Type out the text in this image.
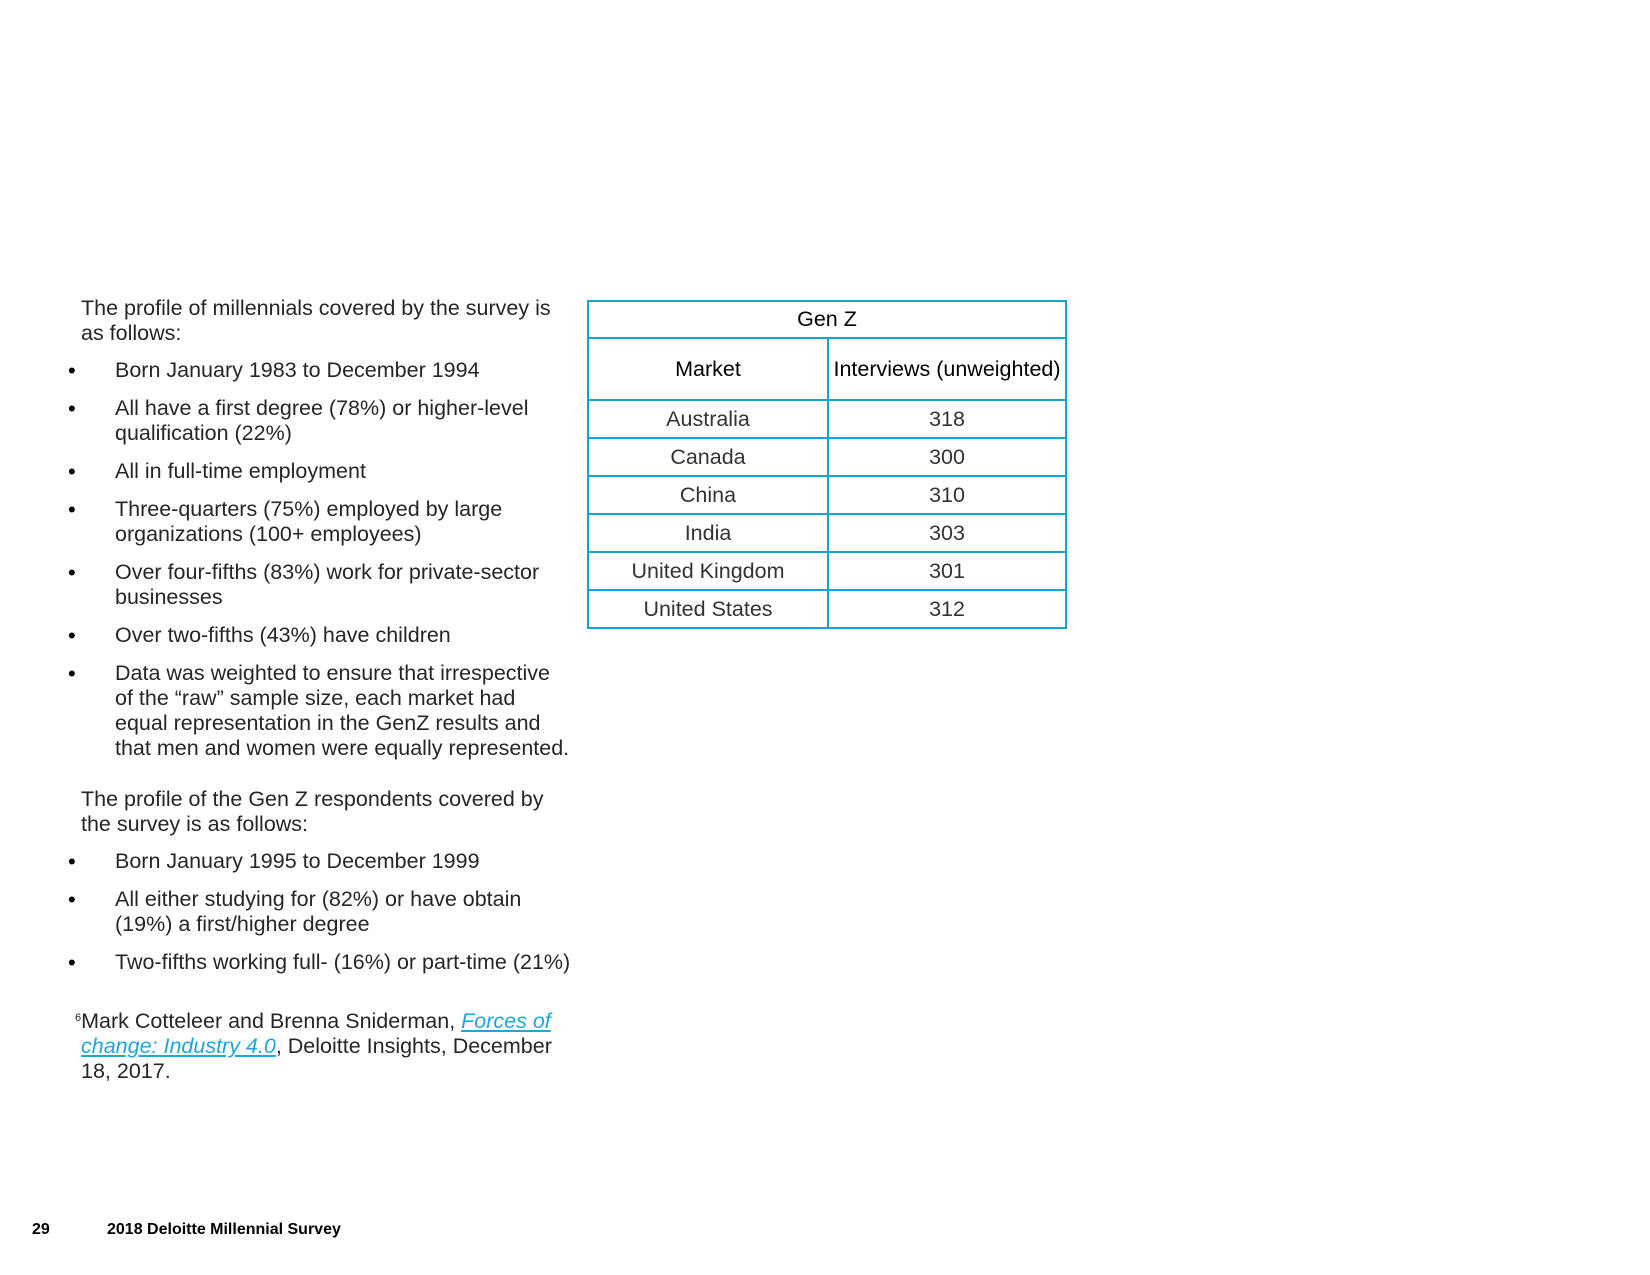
The profile of millennials covered by the survey is as follows:

• Born January 1983 to December 1994
• All have a first degree (78%) or higher-level qualification (22%)
• All in full-time employment
• Three-quarters (75%) employed by large organizations (100+ employees)
• Over four-fifths (83%) work for private-sector businesses
• Over two-fifths (43%) have children
• Data was weighted to ensure that irrespective of the “raw” sample size, each market had equal representation in the GenZ results and that men and women were equally represented.

The profile of the Gen Z respondents covered by the survey is as follows:

• Born January 1995 to December 1999
• All either studying for (82%) or have obtain (19%) a first/higher degree
• Two-fifths working full- (16%) or part-time (21%)

$^6$Mark Cotteleer and Brenna Sniderman, Forces of change: Industry 4.0, Deloitte Insights, December 18, 2017.

Gen Z	
Market	Interviews (unweighted)
Australia	318
Canada	300
China	310
India	303
United Kingdom	301
United States	312
29	2018 Deloitte Millennial Survey
